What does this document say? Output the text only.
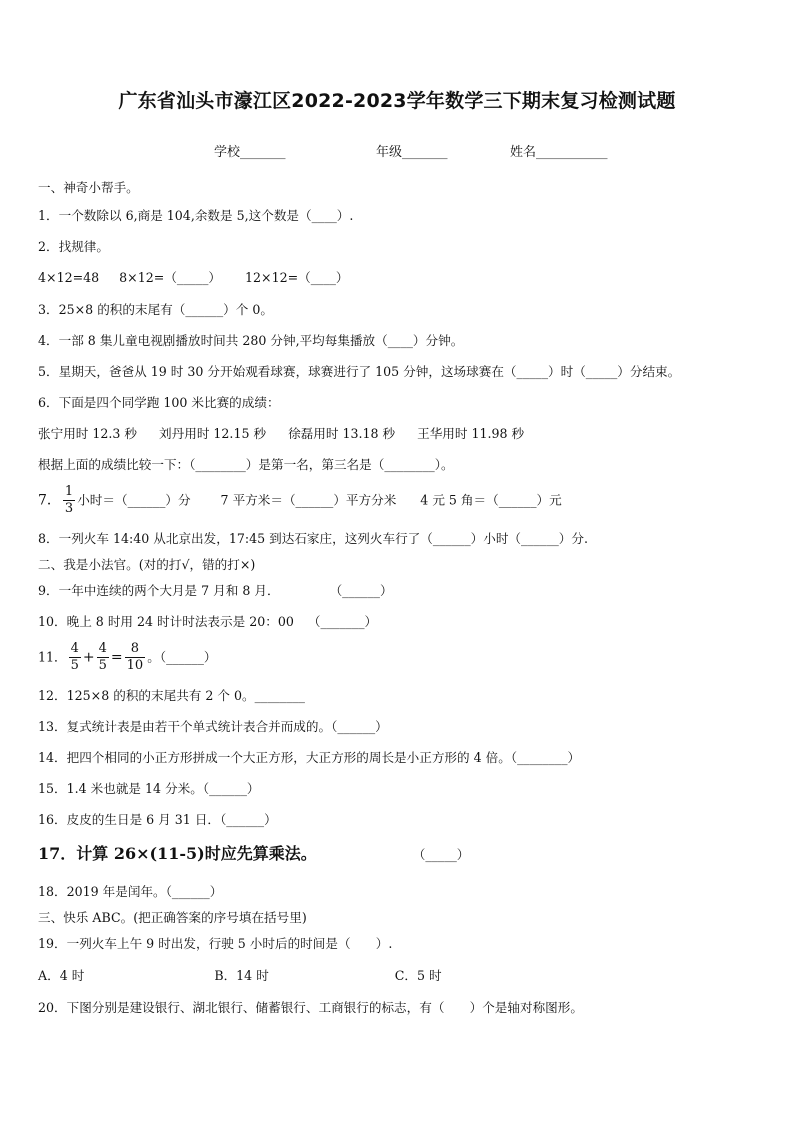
广东省汕头市濠江区2022-2023学年数学三下期末复习检测试题
学校_______	年级_______	姓名___________
一、神奇小帮手。
1．一个数除以 6,商是 104,余数是 5,这个数是（____）.
2．找规律。
4×12=48 8×12=（_____） 12×12=（____）
3．25×8 的积的末尾有（______）个 0。
4．一部 8 集儿童电视剧播放时间共 280 分钟,平均每集播放（____）分钟。
5．星期天，爸爸从 19 时 30 分开始观看球赛，球赛进行了 105 分钟，这场球赛在（_____）时（_____）分结束。
6．下面是四个同学跑 100 米比赛的成绩：
张宁用时 12.3 秒 刘丹用时 12.15 秒 徐磊用时 13.18 秒 王华用时 11.98 秒
根据上面的成绩比较一下：（________）是第一名，第三名是（________）。
7． $\frac{1}{3}$ 小时＝（______）分 7 平方米＝（______）平方分米 4 元 5 角＝（______）元
8．一列火车 14:40 从北京出发，17:45 到达石家庄，这列火车行了（______）小时（______）分.
二、我是小法官。(对的打√，错的打×)
9．一年中连续的两个大月是 7 月和 8 月．	（______）
10．晚上 8 时用 24 时计时法表示是 20：00 （_______）
11． $\frac{4}{5} + \frac{4}{5} = \frac{8}{10}$ 。（______）
12．125×8 的积的末尾共有 2 个 0。________
13．复式统计表是由若干个单式统计表合并而成的。（______）
14．把四个相同的小正方形拼成一个大正方形，大正方形的周长是小正方形的 4 倍。（________）
15．1.4 米也就是 14 分米。（______）
16．皮皮的生日是 6 月 31 日．（______）
17．计算 26×(11-5)时应先算乘法。	（_____）
18．2019 年是闰年。（______）
三、快乐 ABC。(把正确答案的序号填在括号里)
19．一列火车上午 9 时出发，行驶 5 小时后的时间是（　　）.
A．4 时	B．14 时	C．5 时
20．下图分别是建设银行、湖北银行、储蓄银行、工商银行的标志，有（　　）个是轴对称图形。
